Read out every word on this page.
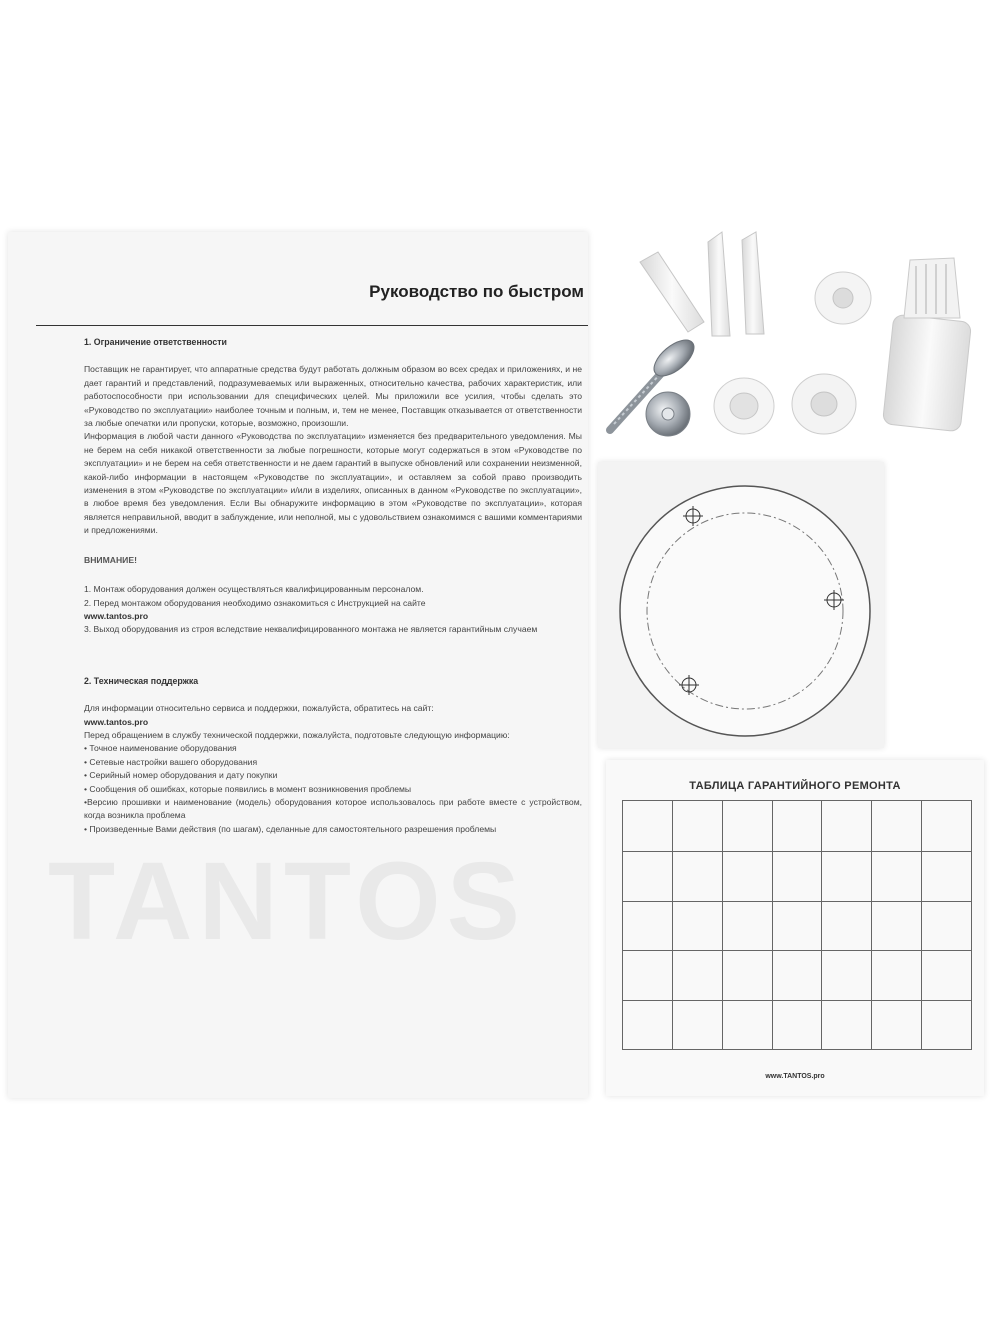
TANTOS
Руководство по быстром
1. Ограничение ответственности

Поставщик не гарантирует, что аппаратные средства будут работать должным образом во всех средах и приложениях, и не дает гарантий и представлений, подразумеваемых или выраженных, относительно качества, рабочих характеристик, или работоспособности при использовании для специфических целей. Мы приложили все усилия, чтобы сделать это «Руководство по эксплуатации» наиболее точным и полным, и, тем не менее, Поставщик отказывается от ответственности за любые опечатки или пропуски, которые, возможно, произошли.

Информация в любой части данного «Руководства по эксплуатации» изменяется без предварительного уведомления. Мы не берем на себя никакой ответственности за любые погрешности, которые могут содержаться в этом «Руководстве по эксплуатации» и не берем на себя ответственности и не даем гарантий в выпуске обновлений или сохранении неизменной, какой-либо информации в настоящем «Руководстве по эксплуатации», и оставляем за собой право производить изменения в этом «Руководстве по эксплуатации» и/или в изделиях, описанных в данном «Руководстве по эксплуатации», в любое время без уведомления. Если Вы обнаружите информацию в этом «Руководстве по эксплуатации», которая является неправильной, вводит в заблуждение, или неполной, мы с удовольствием ознакомимся с вашими комментариями и предложениями.

ВНИМАНИЕ!

1. Монтаж оборудования должен осуществляться квалифицированным персоналом.

2. Перед монтажом оборудования необходимо ознакомиться с Инструкцией на сайте

www.tantos.pro

3. Выход оборудования из строя вследствие неквалифицированного монтажа не является гарантийным случаем

2. Техническая поддержка

Для информации относительно сервиса и поддержки, пожалуйста, обратитесь на сайт:

www.tantos.pro

Перед обращением в службу технической поддержки, пожалуйста, подготовьте следующую информацию:

• Точное наименование оборудования

• Сетевые настройки вашего оборудования

• Серийный номер оборудования и дату покупки

• Сообщения об ошибках, которые появились в момент возникновения проблемы

•Версию прошивки и наименование (модель) оборудования которое использовалось при работе вместе с устройством, когда возникла проблема

• Произведенные Вами действия (по шагам), сделанные для самостоятельного разрешения проблемы

ТАБЛИЦА ГАРАНТИЙНОГО РЕМОНТА

www.TANTOS.pro
